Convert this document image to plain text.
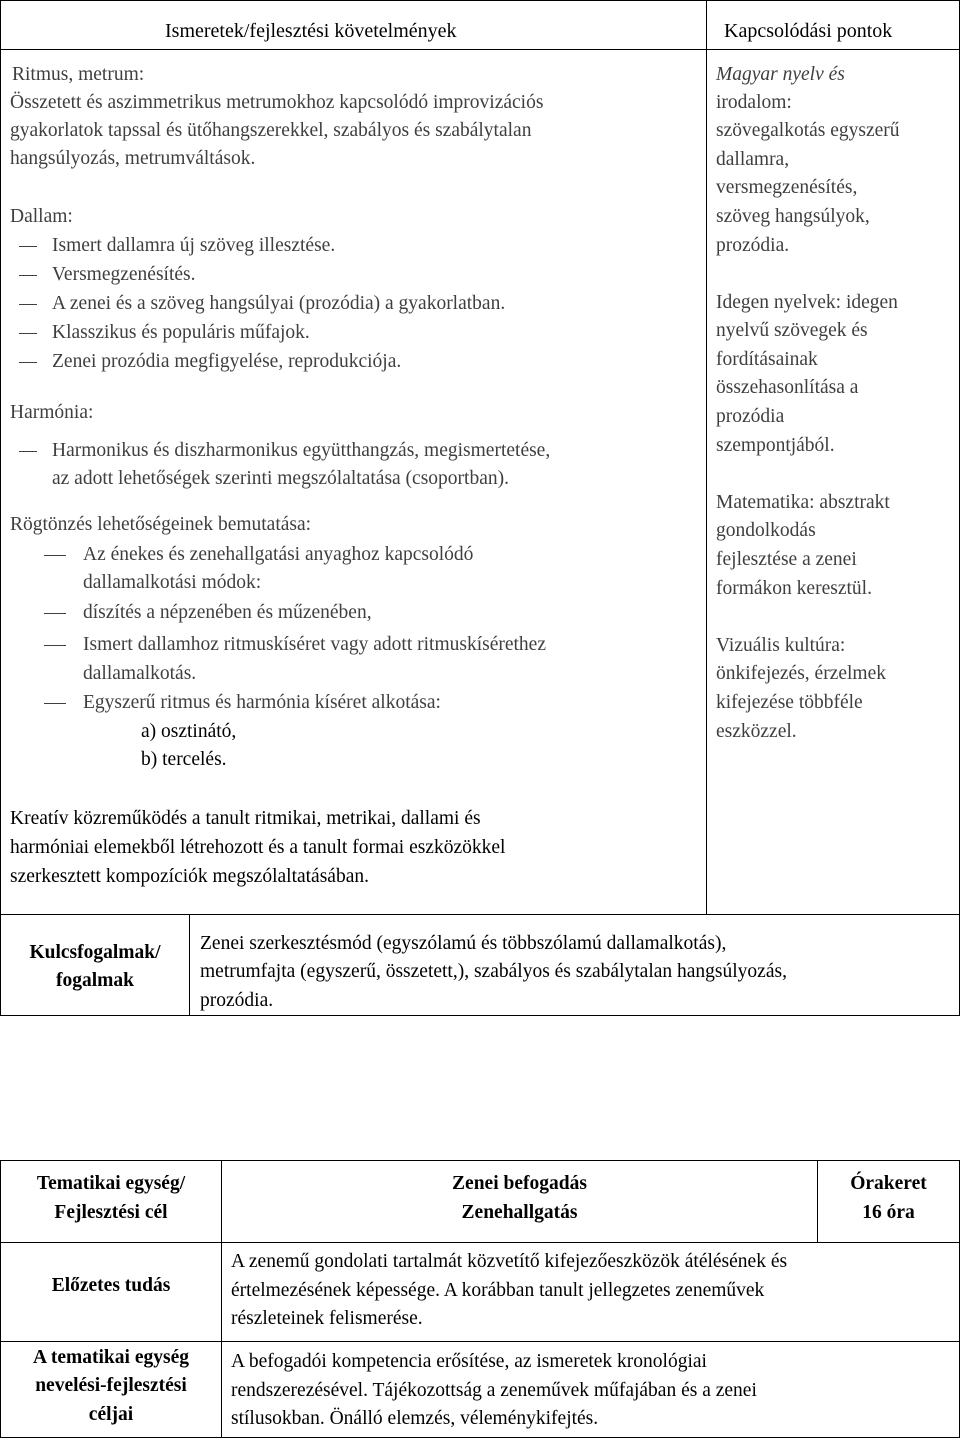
Ismeretek/fejlesztési követelmények	Kapcsolódási pontok
Ritmus, metrum:
Összetett és aszimmetrikus metrumokhoz kapcsolódó improvizációs
gyakorlatok tapssal és ütőhangszerekkel, szabályos és szabálytalan
hangsúlyozás, metrumváltások.
Dallam:
Ismert dallamra új szöveg illesztése.
Versmegzenésítés.
A zenei és a szöveg hangsúlyai (prozódia) a gyakorlatban.
Klasszikus és populáris műfajok.
Zenei prozódia megfigyelése, reprodukciója.
Harmónia:
Harmonikus és diszharmonikus együtthangzás, megismertetése,
az adott lehetőségek szerinti megszólaltatása (csoportban).
Rögtönzés lehetőségeinek bemutatása:
Az énekes és zenehallgatási anyaghoz kapcsolódó
dallamalkotási módok:
díszítés a népzenében és műzenében,
Ismert dallamhoz ritmuskíséret vagy adott ritmuskísérethez
dallamalkotás.
Egyszerű ritmus és harmónia kíséret alkotása:
a) osztinátó,
b) tercelés.
Kreatív közreműködés a tanult ritmikai, metrikai, dallami és
harmóniai elemekből létrehozott és a tanult formai eszközökkel
szerkesztett kompozíciók megszólaltatásában.
Magyar nyelv és
irodalom:
szövegalkotás egyszerű
dallamra,
versmegzenésítés,
szöveg hangsúlyok,
prozódia.
Idegen nyelvek: idegen
nyelvű szövegek és
fordításainak
összehasonlítása a
prozódia
szempontjából.
Matematika: absztrakt
gondolkodás
fejlesztése a zenei
formákon keresztül.
Vizuális kultúra:
önkifejezés, érzelmek
kifejezése többféle
eszközzel.
Kulcsfogalmak/
fogalmak
Zenei szerkesztésmód (egyszólamú és többszólamú dallamalkotás),
metrumfajta (egyszerű, összetett,), szabályos és szabálytalan hangsúlyozás,
prozódia.
Tematikai egység/
Fejlesztési cél
Zenei befogadás
Zenehallgatás
Órakeret
16 óra
Előzetes tudás
A zenemű gondolati tartalmát közvetítő kifejezőeszközök átélésének és
értelmezésének képessége. A korábban tanult jellegzetes zeneművek
részleteinek felismerése.
A tematikai egység
nevelési-fejlesztési
céljai
A befogadói kompetencia erősítése, az ismeretek kronológiai
rendszerezésével. Tájékozottság a zeneművek műfajában és a zenei
stílusokban. Önálló elemzés, véleménykifejtés.
